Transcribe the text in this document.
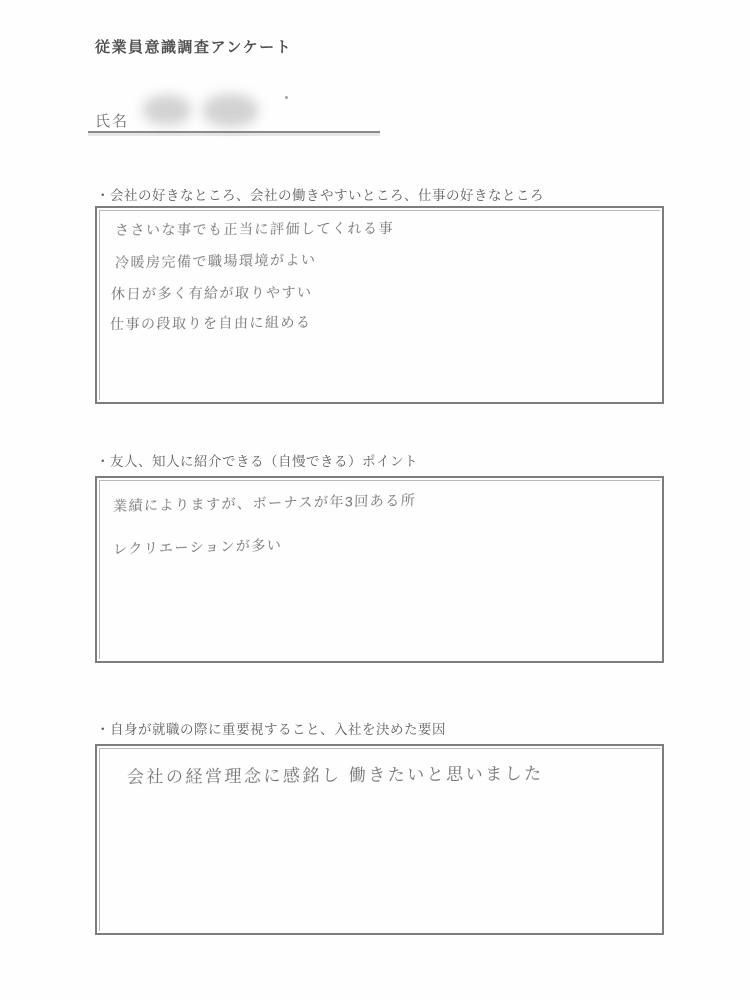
従業員意識調査アンケート
氏名
・会社の好きなところ、会社の働きやすいところ、仕事の好きなところ
ささいな事でも正当に評価してくれる事
冷暖房完備で職場環境がよい
休日が多く有給が取りやすい
仕事の段取りを自由に組める
・友人、知人に紹介できる（自慢できる）ポイント
業績によりますが、ボーナスが年3回ある所
レクリエーションが多い
・自身が就職の際に重要視すること、入社を決めた要因
会社の経営理念に感銘し 働きたいと思いました
